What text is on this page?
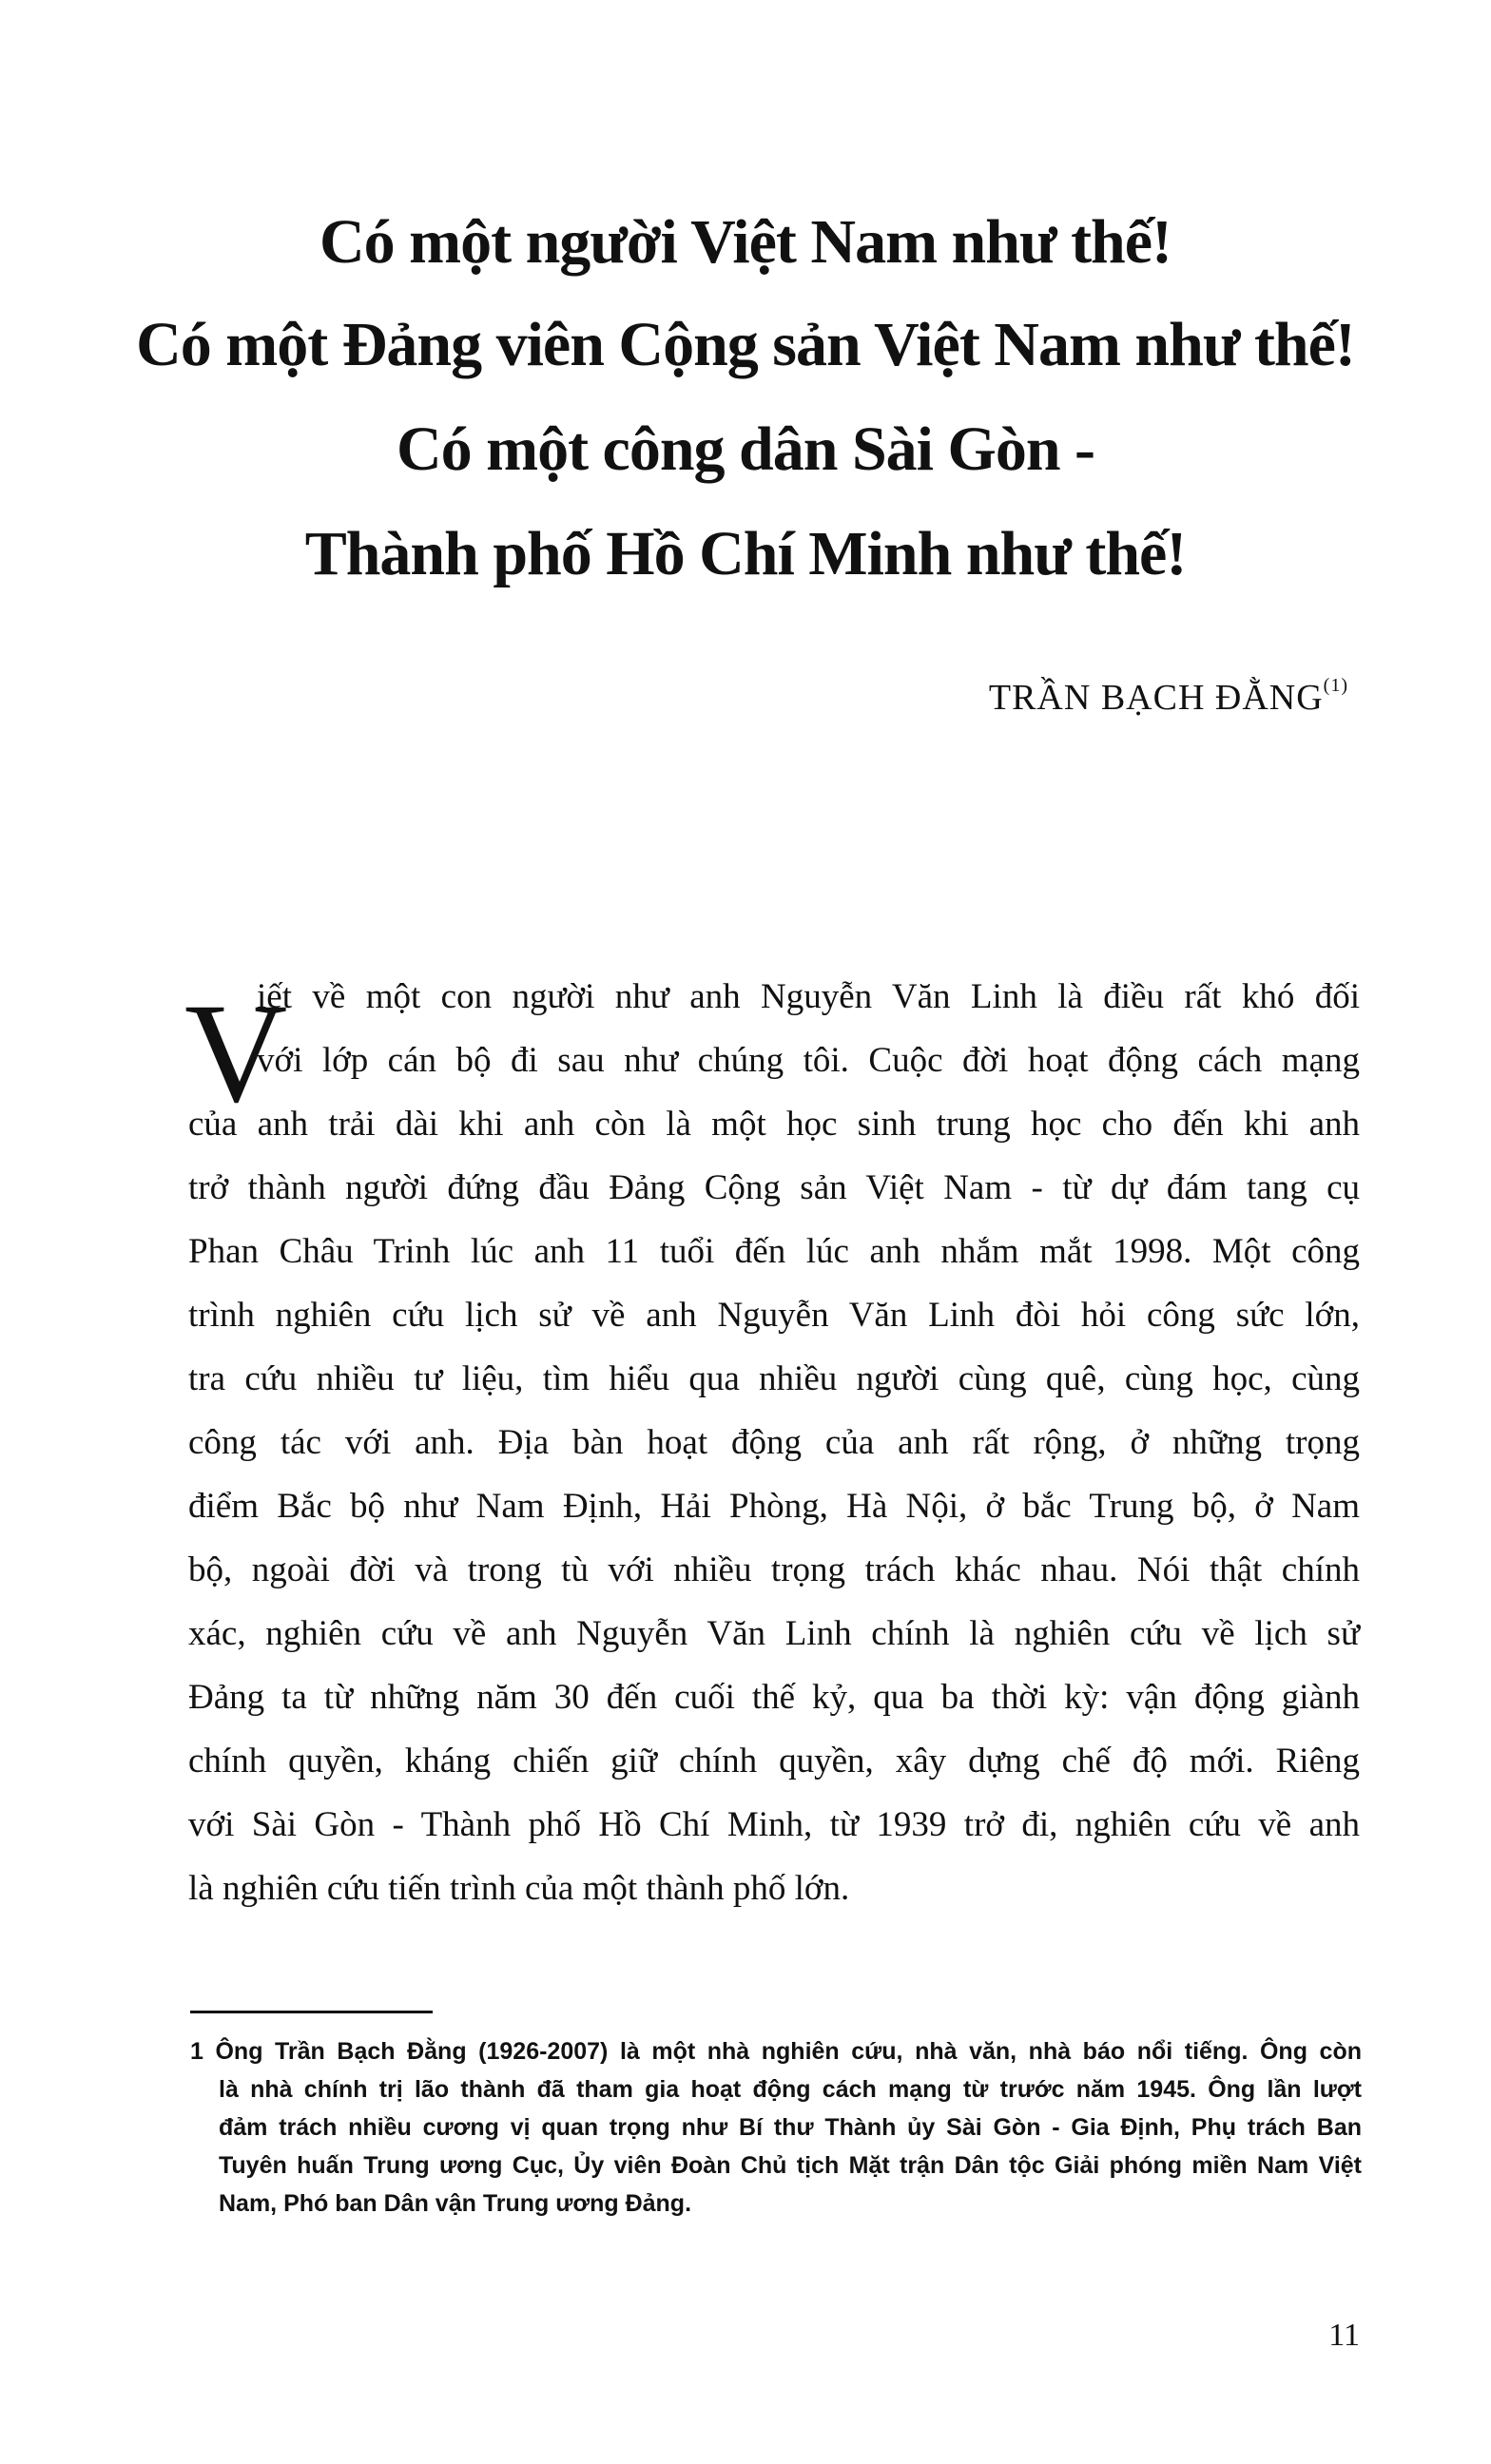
Có một người Việt Nam như thế!
Có một Đảng viên Cộng sản Việt Nam như thế!
Có một công dân Sài Gòn -
Thành phố Hồ Chí Minh như thế!
TRẦN BẠCH ĐẰNG$^{(1)}$
V
iết về một con người như anh Nguyễn Văn Linh là điều rất khó đối
với lớp cán bộ đi sau như chúng tôi. Cuộc đời hoạt động cách mạng
của anh trải dài khi anh còn là một học sinh trung học cho đến khi anh
trở thành người đứng đầu Đảng Cộng sản Việt Nam - từ dự đám tang cụ
Phan Châu Trinh lúc anh 11 tuổi đến lúc anh nhắm mắt 1998. Một công
trình nghiên cứu lịch sử về anh Nguyễn Văn Linh đòi hỏi công sức lớn,
tra cứu nhiều tư liệu, tìm hiểu qua nhiều người cùng quê, cùng học, cùng
công tác với anh. Địa bàn hoạt động của anh rất rộng, ở những trọng
điểm Bắc bộ như Nam Định, Hải Phòng, Hà Nội, ở bắc Trung bộ, ở Nam
bộ, ngoài đời và trong tù với nhiều trọng trách khác nhau. Nói thật chính
xác, nghiên cứu về anh Nguyễn Văn Linh chính là nghiên cứu về lịch sử
Đảng ta từ những năm 30 đến cuối thế kỷ, qua ba thời kỳ: vận động giành
chính quyền, kháng chiến giữ chính quyền, xây dựng chế độ mới. Riêng
với Sài Gòn - Thành phố Hồ Chí Minh, từ 1939 trở đi, nghiên cứu về anh
là nghiên cứu tiến trình của một thành phố lớn.
1 Ông Trần Bạch Đằng (1926-2007) là một nhà nghiên cứu, nhà văn, nhà báo nổi tiếng. Ông còn
là nhà chính trị lão thành đã tham gia hoạt động cách mạng từ trước năm 1945. Ông lần lượt
đảm trách nhiều cương vị quan trọng như Bí thư Thành ủy Sài Gòn - Gia Định, Phụ trách Ban
Tuyên huấn Trung ương Cục, Ủy viên Đoàn Chủ tịch Mặt trận Dân tộc Giải phóng miền Nam Việt
Nam, Phó ban Dân vận Trung ương Đảng.
11
